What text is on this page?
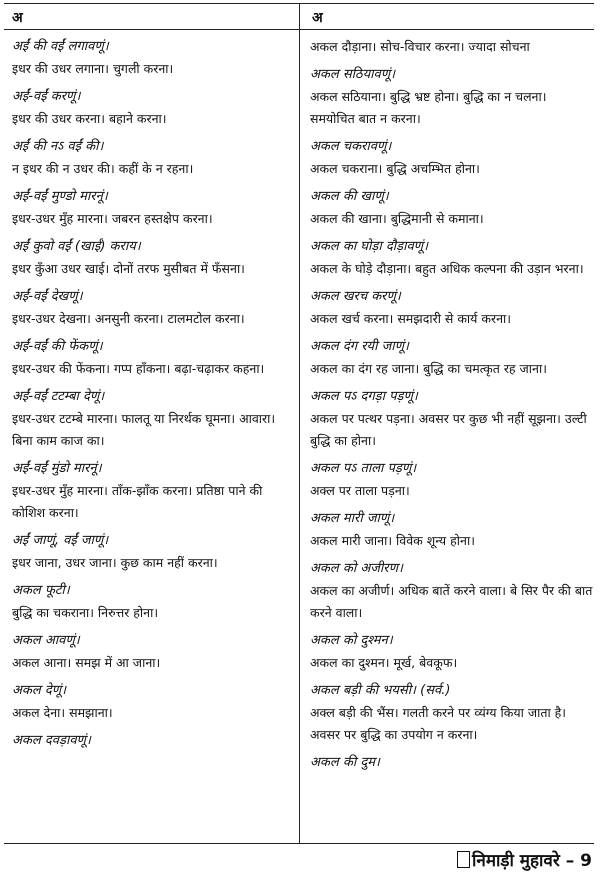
अ	अ
अईं की वईं लगावणूं।
इधर की उधर लगाना। चुगली करना।
अईं-वईं करणूं।
इधर की उधर करना। बहाने करना।
अईं की नऽ वईं की।
न इधर की न उधर की। कहीं के न रहना।
अईं-वईं मुण्डो मारनूं।
इधर-उधर मुँह मारना। जबरन हस्तक्षेप करना।
अईं कुवो वईं (खाई) कराय।
इधर कुँआ उधर खाई। दोनों तरफ मुसीबत में फँसना।
अईं-वईं देखणूं।
इधर-उधर देखना। अनसुनी करना। टालमटोल करना।
अईं-वईं की फेंकणूं।
इधर-उधर की फेंकना। गप्प हाँकना। बढ़ा-चढ़ाकर कहना।
अईं-वईं टटम्बा देणूं।
इधर-उधर टटम्बे मारना। फालतू या निरर्थक घूमना। आवारा। बिना काम काज का।
अईं-वईं मुंडो मारनूं।
इधर-उधर मुँह मारना। ताँक-झाँक करना। प्रतिष्ठा पाने की कोशिश करना।
अईं जाणूं, वईं जाणूं।
इधर जाना, उधर जाना। कुछ काम नहीं करना।
अकल फूटी।
बुद्धि का चकराना। निरुत्तर होना।
अकल आवणूं।
अकल आना। समझ में आ जाना।
अकल देणूं।
अकल देना। समझाना।
अकल दवड़ावणूं।
अकल दौड़ाना। सोच-विचार करना। ज्यादा सोचना
अकल सठियावणूं।
अकल सठियाना। बुद्धि भ्रष्ट होना। बुद्धि का न चलना। समयोचित बात न करना।
अकल चकरावणूं।
अकल चकराना। बुद्धि अचम्भित होना।
अकल की खाणूं।
अकल की खाना। बुद्धिमानी से कमाना।
अकल का घोड़ा दौड़ावणूं।
अकल के घोड़े दौड़ाना। बहुत अधिक कल्पना की उड़ान भरना।
अकल खरच करणूं।
अकल खर्च करना। समझदारी से कार्य करना।
अकल दंग रयी जाणूं।
अकल का दंग रह जाना। बुद्धि का चमत्कृत रह जाना।
अकल पऽ दगड़ा पड़णूं।
अकल पर पत्थर पड़ना। अवसर पर कुछ भी नहीं सूझना। उल्टी बुद्धि का होना।
अकल पऽ ताला पड़णूं।
अक्ल पर ताला पड़ना।
अकल मारी जाणूं।
अकल मारी जाना। विवेक शून्य होना।
अकल को अजीरण।
अकल का अजीर्ण। अधिक बातें करने वाला। बे सिर पैर की बात करने वाला।
अकल को दुश्मन।
अकल का दुश्मन। मूर्ख, बेवकूफ।
अकल बड़ी की भयसी। (सर्व.)
अक्ल बड़ी की भैंस। गलती करने पर व्यंग्य किया जाता है। अवसर पर बुद्धि का उपयोग न करना।
अकल की दुम।
निमाड़ी मुहावरे – 9
